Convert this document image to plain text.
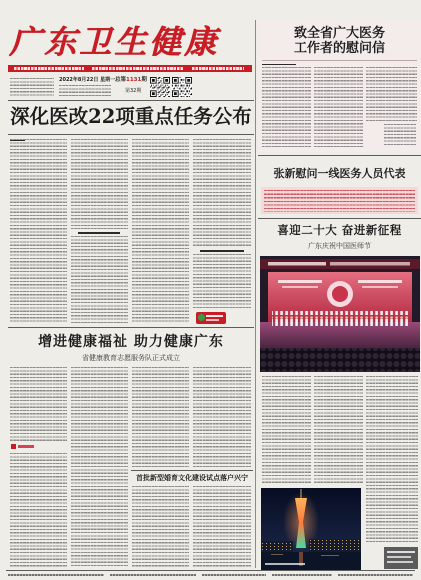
广东卫生健康
2022年8月22日 星期一 总第1131期
第32期
深化医改22项重点任务公布
增进健康福祉 助力健康广东
省健康教育志愿服务队正式成立
首批新型婚育文化建设试点落户兴宁
致全省广大医务
工作者的慰问信
张新慰问一线医务人员代表
喜迎二十大 奋进新征程
广东庆祝中国医师节
